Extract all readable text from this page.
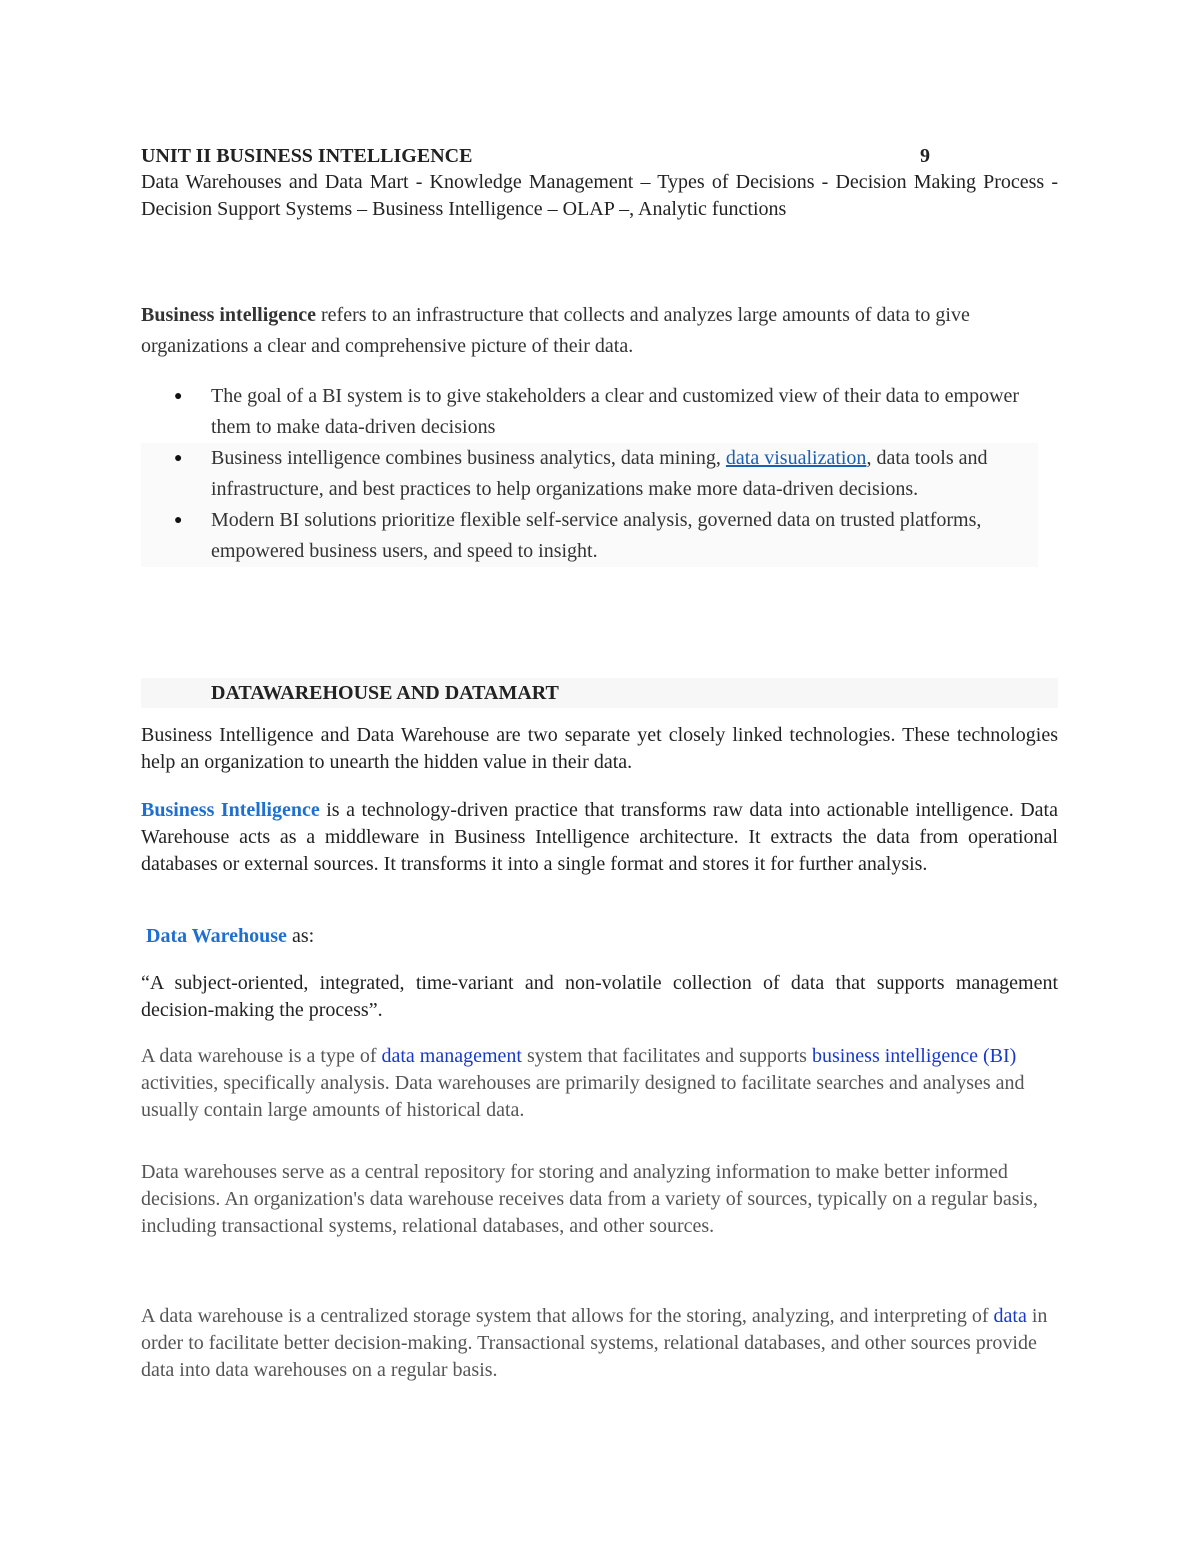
UNIT II BUSINESS INTELLIGENCE	9

Data Warehouses and Data Mart - Knowledge Management – Types of Decisions - Decision Making Process - Decision Support Systems – Business Intelligence – OLAP –, Analytic functions

Business intelligence refers to an infrastructure that collects and analyzes large amounts of data to give organizations a clear and comprehensive picture of their data.

● The goal of a BI system is to give stakeholders a clear and customized view of their data to empower them to make data-driven decisions
● Business intelligence combines business analytics, data mining, data visualization, data tools and infrastructure, and best practices to help organizations make more data-driven decisions.
● Modern BI solutions prioritize flexible self-service analysis, governed data on trusted platforms, empowered business users, and speed to insight.
DATAWAREHOUSE AND DATAMART

Business Intelligence and Data Warehouse are two separate yet closely linked technologies. These technologies help an organization to unearth the hidden value in their data.

Business Intelligence is a technology-driven practice that transforms raw data into actionable intelligence. Data Warehouse acts as a middleware in Business Intelligence architecture. It extracts the data from operational databases or external sources. It transforms it into a single format and stores it for further analysis.

Data Warehouse as:

“A subject-oriented, integrated, time-variant and non-volatile collection of data that supports management decision-making the process”.

A data warehouse is a type of data management system that facilitates and supports business intelligence (BI) activities, specifically analysis. Data warehouses are primarily designed to facilitate searches and analyses and usually contain large amounts of historical data.

Data warehouses serve as a central repository for storing and analyzing information to make better informed decisions. An organization's data warehouse receives data from a variety of sources, typically on a regular basis, including transactional systems, relational databases, and other sources.

A data warehouse is a centralized storage system that allows for the storing, analyzing, and interpreting of data in order to facilitate better decision-making. Transactional systems, relational databases, and other sources provide data into data warehouses on a regular basis.
